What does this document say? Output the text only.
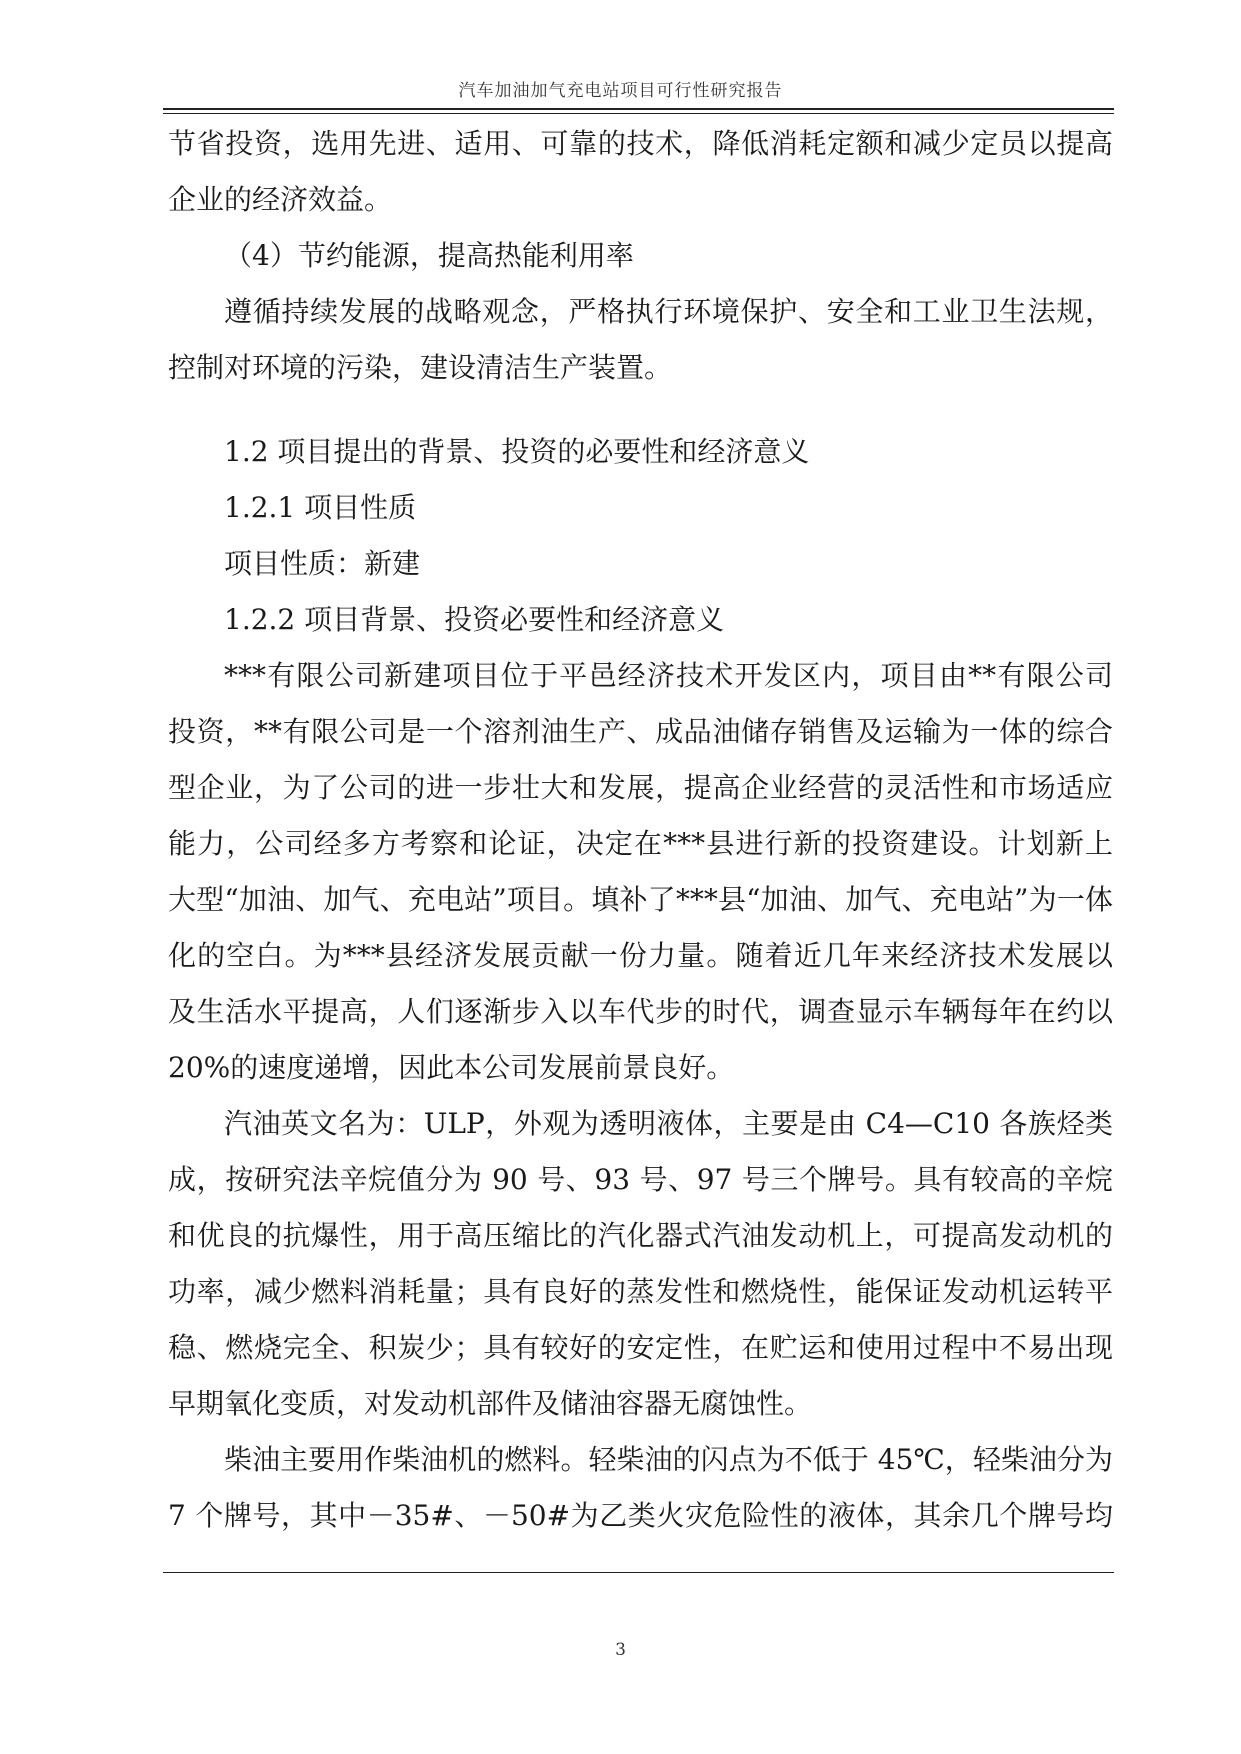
汽车加油加气充电站项目可行性研究报告
节省投资，选用先进、适用、可靠的技术，降低消耗定额和减少定员以提高
企业的经济效益。
（4）节约能源，提高热能利用率
遵循持续发展的战略观念，严格执行环境保护、安全和工业卫生法规，
控制对环境的污染，建设清洁生产装置。
1.2 项目提出的背景、投资的必要性和经济意义
1.2.1 项目性质
项目性质：新建
1.2.2 项目背景、投资必要性和经济意义
***有限公司新建项目位于平邑经济技术开发区内，项目由**有限公司
投资，**有限公司是一个溶剂油生产、成品油储存销售及运输为一体的综合
型企业，为了公司的进一步壮大和发展，提高企业经营的灵活性和市场适应
能力，公司经多方考察和论证，决定在***县进行新的投资建设。计划新上
大型“加油、加气、充电站”项目。填补了***县“加油、加气、充电站”为一体
化的空白。为***县经济发展贡献一份力量。随着近几年来经济技术发展以
及生活水平提高，人们逐渐步入以车代步的时代，调查显示车辆每年在约以
20%的速度递增，因此本公司发展前景良好。
汽油英文名为：ULP，外观为透明液体，主要是由 C4—C10 各族烃类
成，按研究法辛烷值分为 90 号、93 号、97 号三个牌号。具有较高的辛烷
和优良的抗爆性，用于高压缩比的汽化器式汽油发动机上，可提高发动机的
功率，减少燃料消耗量；具有良好的蒸发性和燃烧性，能保证发动机运转平
稳、燃烧完全、积炭少；具有较好的安定性，在贮运和使用过程中不易出现
早期氧化变质，对发动机部件及储油容器无腐蚀性。
柴油主要用作柴油机的燃料。轻柴油的闪点为不低于 45℃，轻柴油分为
7 个牌号，其中－35#、－50#为乙类火灾危险性的液体，其余几个牌号均
3
